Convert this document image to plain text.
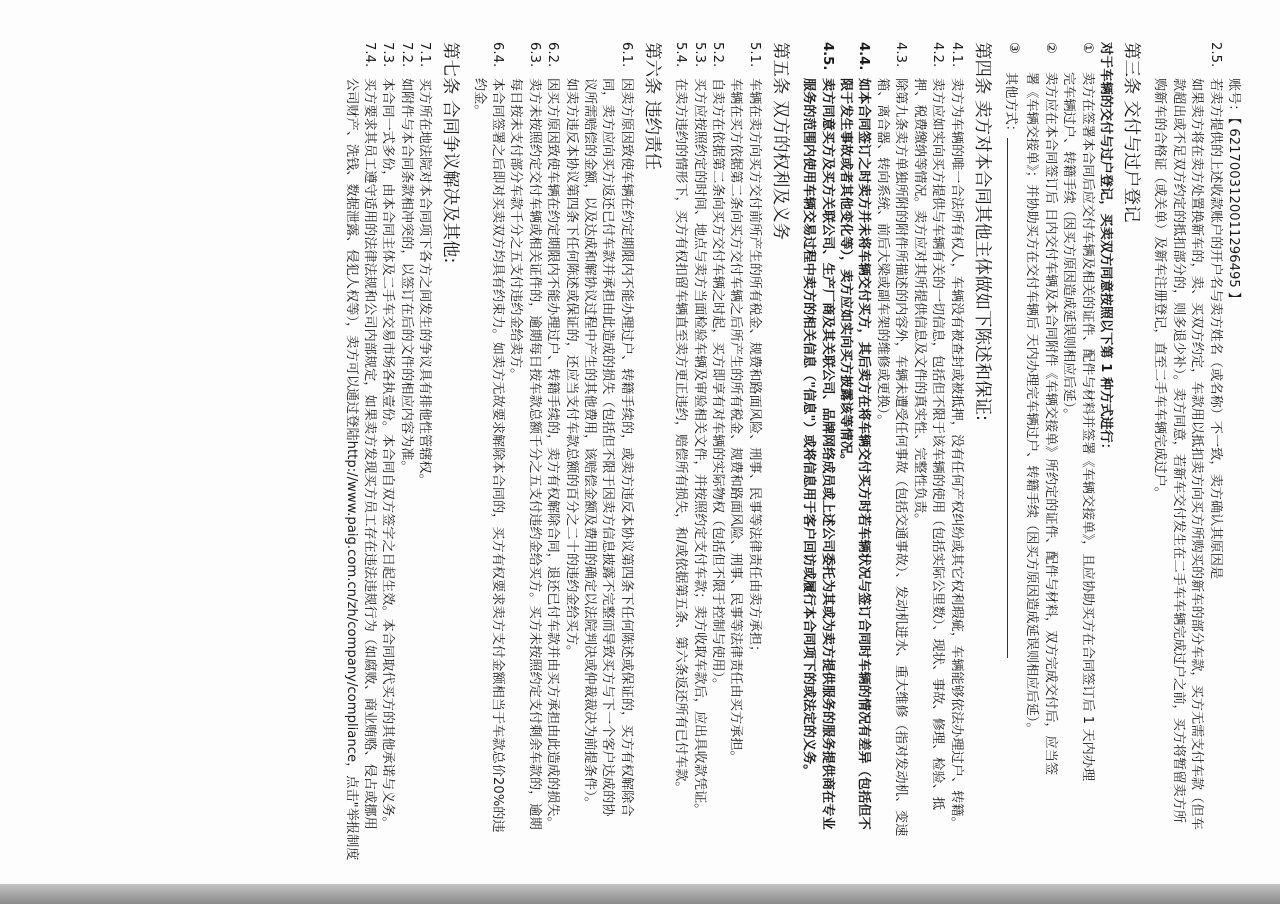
账号：【 6217003120011296495 】
2.5.
若卖方提供的上述收款账户的开户名与卖方姓名（或名称）不一致，卖方确认其原因是
如果卖方将在卖方处置换新车的，卖、买双方约定，车款用以抵扣卖方向买方所购买的新车的部分车款，买方无需支付车款（但车
款超出或不足双方约定的抵扣部分的，则多退少补）。卖方同意，若新车交付发生在二手车车辆完成过户之前，买方将暂留卖方所
购新车的合格证（或关单）及新车注册登记，直至二手车车辆完成过户。
第三条 交付与过户登记
对于车辆的交付与过户登记，买卖双方同意按照以下第 1 种方式进行：
①
卖方在签署本合同后应交付车辆及相关的证件、配件与材料并签署《车辆交接单》，且应协助买方在合同签订后 1 天内办理
完车辆过户、转籍手续（因买方原因造成延误则相应后延）。
②
卖方应在本合同签订后 日内交付车辆及本合同附件《车辆交接单》所约定的证件、配件与材料，双方完成交付后，应当签
署《车辆交接单》；并协助买方在交付车辆后 天内办理完车辆过户、转籍手续（因买方原因造成延误则相应后延）。
③
其他方式：
第四条 卖方对本合同其他主体做如下陈述和保证:
4.1.
卖方为车辆的唯一合法所有权人，车辆没有被查封或被抵押，没有任何产权纠纷或其它权利瑕疵，车辆能够依法办理过户、转籍。
4.2.
卖方应如实向买方提供与车辆有关的一切信息，包括但不限于该车辆的使用（包括实际公里数）、现状、事故、修理、检验、抵
押、税费缴纳等情况。卖方应对其所提供信息及文件的真实性、完整性负责。
4.3.
除第九条卖方单独所附的附件所描述的内容外，车辆未遭受任何事故（包括交通事故）、发动机进水、重大维修（指对发动机、变速
箱、离合器、转向系统、前后大梁或副车架的维修或更换）。
4.4.
如本合同签订之时卖方并未将车辆交付买方，其后卖方在将车辆交付买方时若车辆状况与签订合同时车辆的情况有差异（包括但不
限于发生事故或者其他变化等），卖方应如实向买方披露该等情况。
4.5.
卖方同意买方及买方关联公司、生产厂商及其关联公司、品牌网络成员或上述公司委托为其或为卖方提供服务的服务提供商在专业
服务的范围内使用车辆交易过程中卖方的相关信息（"信息"）或将信息用于客户回访或履行本合同项下的或法定的义务。
第五条 双方的权利及义务
5.1.
车辆在卖方向买方交付前所产生的所有税金、规费和路面风险、刑事、民事等法律责任由卖方承担；
车辆在买方依据第二条向买方交付车辆之后所产生的所有税金、规费和路面风险、刑事、民事等法律责任由买方承担。
5.2.
自卖方在依据第二条向买方交付车辆之时起，买方即享有对车辆的实际物权（包括但不限于控制与使用）。
5.3.
买方应按照约定的时间、地点与卖方当面检验车辆及审验相关文件，并按照约定支付车款；卖方收取车款后，应出具收款凭证。
5.4.
在卖方违约的情形下，买方有权扣留车辆直至卖方更正违约，赔偿所有损失，和/或依据第五条、第六条返还所有已付车款。
第六条 违约责任
6.1.
因卖方原因致使车辆在约定期限内不能办理过户、转籍手续的，或卖方违反本协议第四条下任何陈述或保证的，买方有权解除合
同，卖方应向买方返还已付车款并承担由此造成的损失（包括但不限于因卖方信息披露不完整而导致买方与下一个客户达成的协
议所需赔偿的金额，以及达成和解协议过程中产生的其他费用，该赔偿金额及费用的确定以法院判决或仲裁裁决为前提条件）。
如卖方违反本协议第四条下任何陈述或保证的，还应当支付车款总额的百分之二十的违约金给买方。
6.2.
因买方原因致使车辆在约定期限内不能办理过户、转籍手续的，卖方有权解除合同，退还已付车款并由买方承担由此造成的损失。
6.3.
卖方未按照约定交付车辆或相关证件的，逾期每日按车款总额千分之五支付违约金给买方。买方未按照约定支付剩余车款的，逾期
每日按未支付部分车款千分之五支付违约金给卖方。
6.4.
本合同签署之后即对买卖双方均具有约束力。如卖方无故要求解除本合同的，买方有权要求卖方支付金额相当于车款总价20%的违
约金。
第七条 合同争议解决及其他:
7.1.
买方所在地法院对本合同项下各方之间发生的争议具有排他性管辖权。
7.2.
如附件与本合同条款相冲突的，以签订在后的文件的相应内容为准。
7.3.
本合同一式多份，由本合同主体及二手车交易市场各执壹份。本合同自双方签字之日起生效。本合同取代买方的其他承诺与义务。
7.4.
买方要求其员工遵守适用的法律法规和公司内部规定，如果卖方发现买方员工存在违法违规行为（如腐败、商业贿赂、侵占或挪用
公司财产、洗钱、数据泄露、侵犯人权等），卖方可以通过登陆http://www.paig.com.cn/zh/company/compliance，点击"举报制度
